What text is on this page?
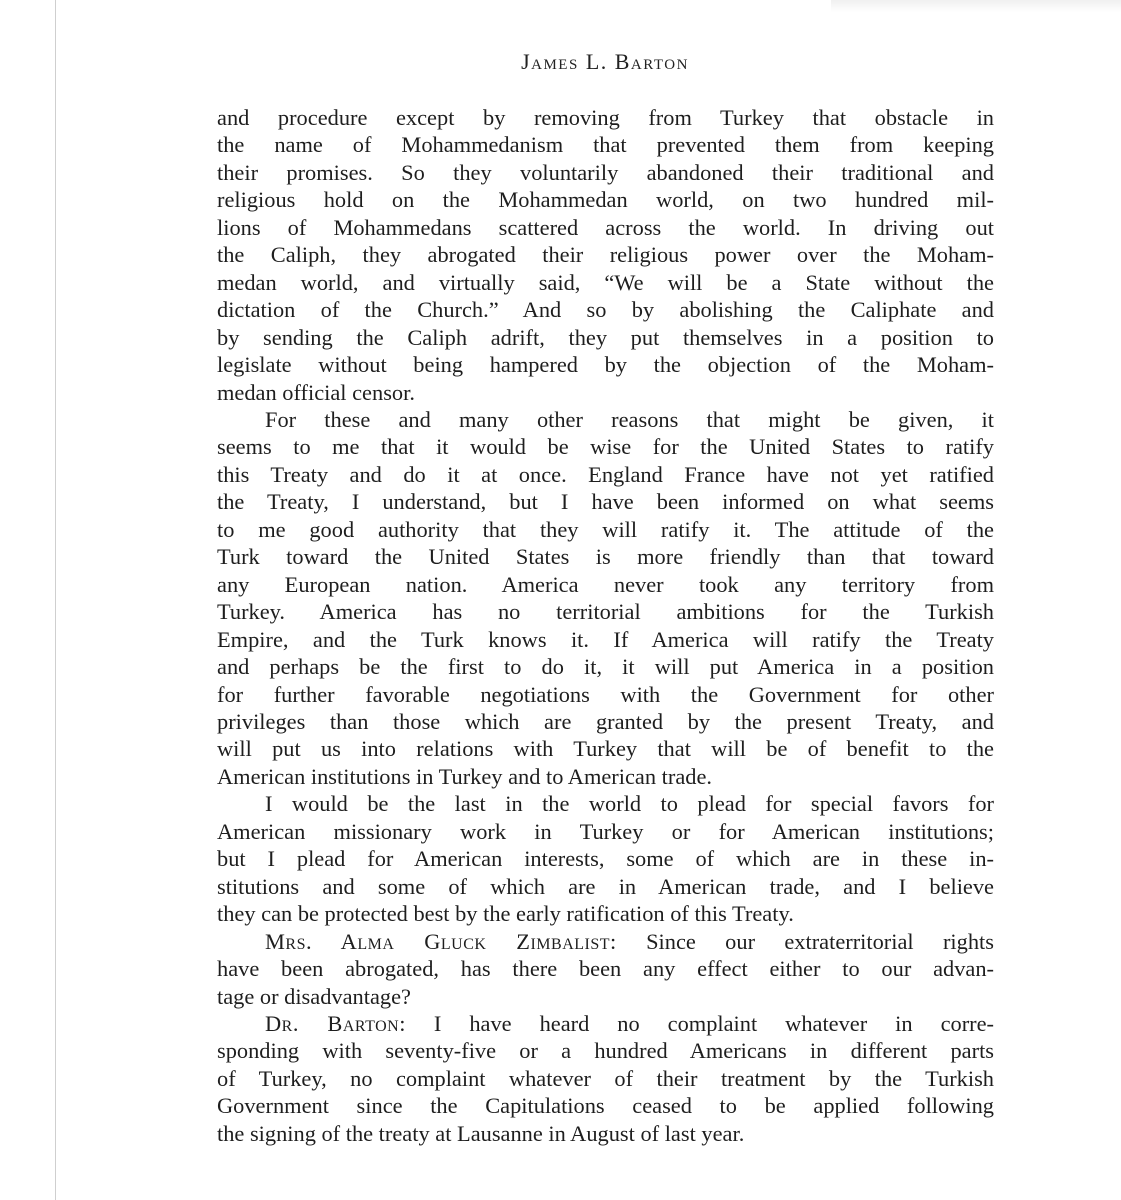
James L. Barton
and procedure except by removing from Turkey that obstacle in
the name of Mohammedanism that prevented them from keeping
their promises. So they voluntarily abandoned their traditional and
religious hold on the Mohammedan world, on two hundred mil-
lions of Mohammedans scattered across the world. In driving out
the Caliph, they abrogated their religious power over the Moham-
medan world, and virtually said, “We will be a State without the
dictation of the Church.” And so by abolishing the Caliphate and
by sending the Caliph adrift, they put themselves in a position to
legislate without being hampered by the objection of the Moham-
medan official censor.
For these and many other reasons that might be given, it
seems to me that it would be wise for the United States to ratify
this Treaty and do it at once. England France have not yet ratified
the Treaty, I understand, but I have been informed on what seems
to me good authority that they will ratify it. The attitude of the
Turk toward the United States is more friendly than that toward
any European nation. America never took any territory from
Turkey. America has no territorial ambitions for the Turkish
Empire, and the Turk knows it. If America will ratify the Treaty
and perhaps be the first to do it, it will put America in a position
for further favorable negotiations with the Government for other
privileges than those which are granted by the present Treaty, and
will put us into relations with Turkey that will be of benefit to the
American institutions in Turkey and to American trade.
I would be the last in the world to plead for special favors for
American missionary work in Turkey or for American institutions;
but I plead for American interests, some of which are in these in-
stitutions and some of which are in American trade, and I believe
they can be protected best by the early ratification of this Treaty.
Mrs. Alma Gluck Zimbalist: Since our extraterritorial rights
have been abrogated, has there been any effect either to our advan-
tage or disadvantage?
Dr. Barton: I have heard no complaint whatever in corre-
sponding with seventy-five or a hundred Americans in different parts
of Turkey, no complaint whatever of their treatment by the Turkish
Government since the Capitulations ceased to be applied following
the signing of the treaty at Lausanne in August of last year.
